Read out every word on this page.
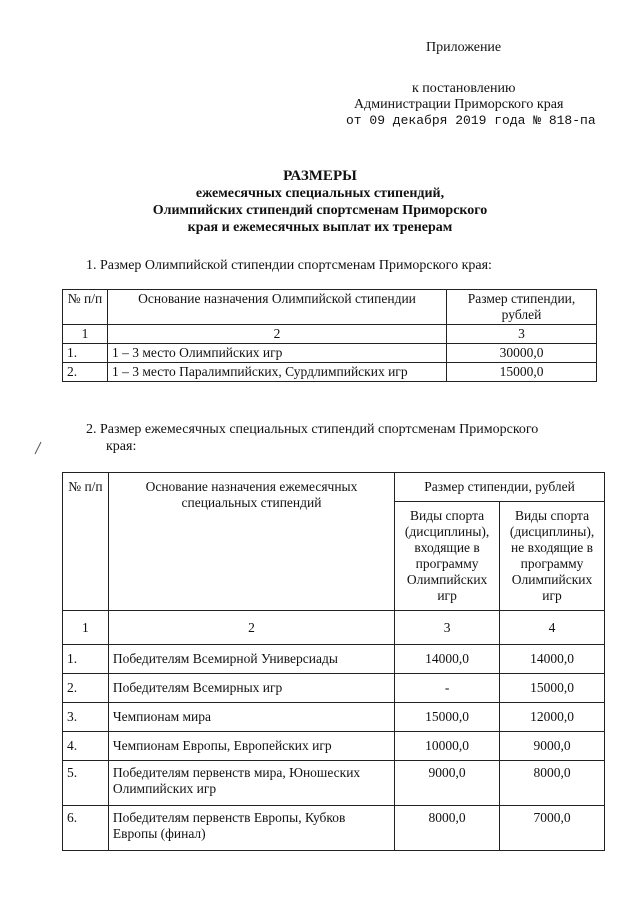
Приложение
к постановлению
Администрации Приморского края
от 09 декабря 2019 года № 818-па
РАЗМЕРЫ
ежемесячных специальных стипендий,
Олимпийских стипендий спортсменам Приморского
края и ежемесячных выплат их тренерам
1. Размер Олимпийской стипендии спортсменам Приморского края:
№ п/п	Основание назначения Олимпийской стипендии	Размер стипендии, рублей
1	2	3
1.	1 – 3 место Олимпийских игр	30000,0
2.	1 – 3 место Паралимпийских, Сурдлимпийских игр	15000,0
2. Размер ежемесячных специальных стипендий спортсменам Приморского
края:
№ п/п	Основание назначения ежемесячных специальных стипендий	Размер стипендии, рублей	
		Виды спорта (дисциплины), входящие в программу Олимпийских игр	Виды спорта (дисциплины), не входящие в программу Олимпийских игр
1	2	3	4
1.	Победителям Всемирной Универсиады	14000,0	14000,0
2.	Победителям Всемирных игр	-	15000,0
3.	Чемпионам мира	15000,0	12000,0
4.	Чемпионам Европы, Европейских игр	10000,0	9000,0
5.	Победителям первенств мира, Юношеских Олимпийских игр	9000,0	8000,0
6.	Победителям первенств Европы, Кубков Европы (финал)	8000,0	7000,0
